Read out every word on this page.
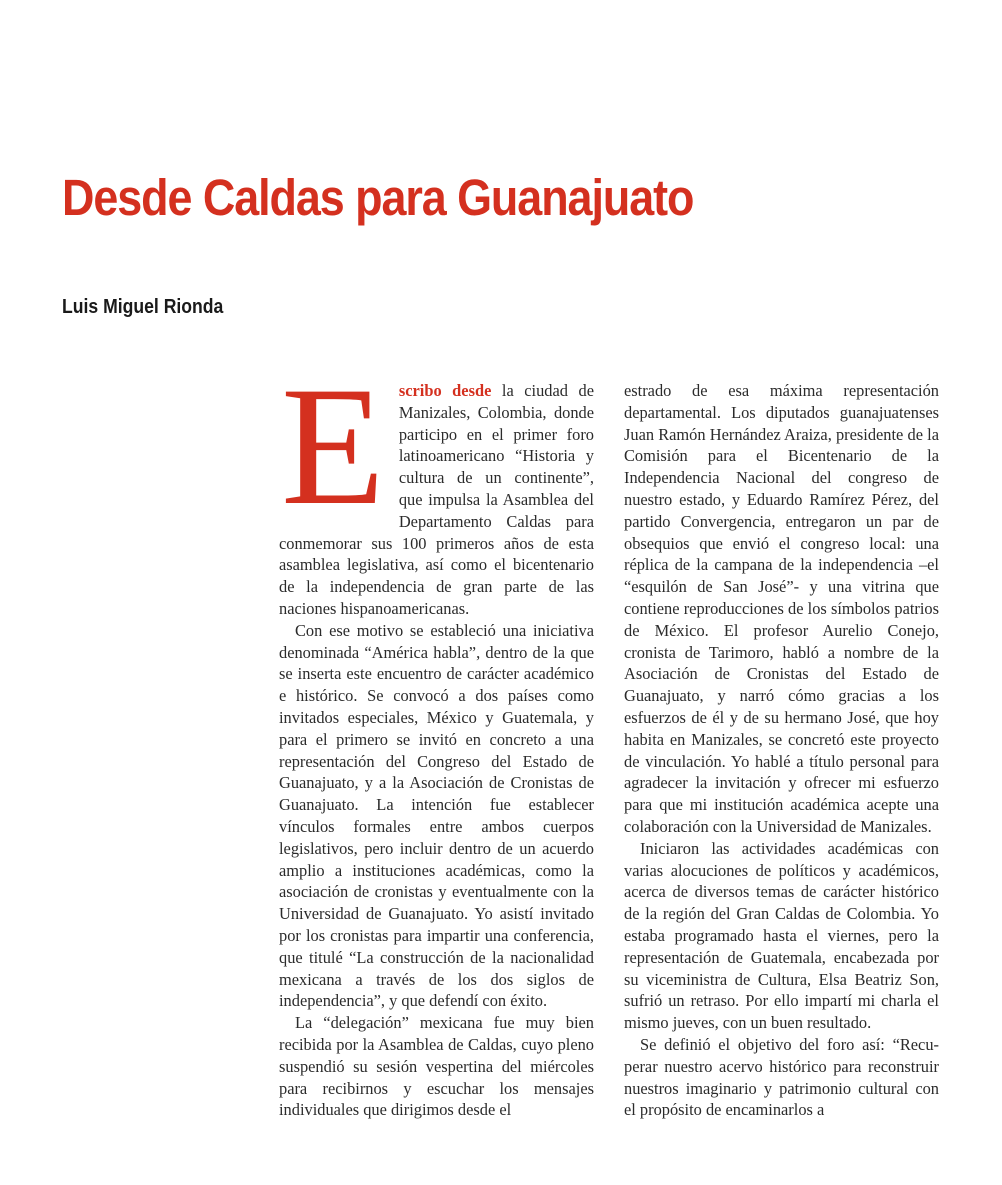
Desde Caldas para Guanajuato
Luis Miguel Rionda

Escribo desde la ciudad de Manizales, Colombia, donde participo en el primer foro latinoamericano “Historia y cultura de un continente”, que impulsa la Asamblea del Departamento Caldas para conmemorar sus 100 primeros años de esta asamblea legislativa, así como el bicentenario de la independencia de gran parte de las naciones hispanoamericanas.

Con ese motivo se estableció una iniciativa denominada “América habla”, dentro de la que se inserta este encuentro de carácter académico e histórico. Se convocó a dos países como invitados especiales, México y Guatemala, y para el primero se invitó en concreto a una representación del Congreso del Estado de Guanajuato, y a la Asociación de Cronistas de Guanajuato. La intención fue establecer vínculos formales entre ambos cuerpos legislativos, pero incluir dentro de un acuerdo amplio a instituciones académicas, como la asociación de cronistas y eventualmente con la Universidad de Guanajuato. Yo asistí invitado por los cronistas para impartir una conferencia, que titulé “La construcción de la nacionalidad mexicana a través de los dos siglos de independencia”, y que defendí con éxito.

La “delegación” mexicana fue muy bien recibida por la Asamblea de Caldas, cuyo pleno suspendió su sesión vespertina del miércoles para recibirnos y escuchar los mensajes individuales que dirigimos desde el

estrado de esa máxima representación departamental. Los diputados guanajuatenses Juan Ramón Hernández Araiza, presidente de la Comisión para el Bicentenario de la Independencia Nacional del congreso de nuestro estado, y Eduardo Ramírez Pérez, del partido Convergencia, entregaron un par de obsequios que envió el congreso local: una réplica de la campana de la independencia –el “esquilón de San José”- y una vitrina que contiene reproducciones de los símbolos patrios de México. El profesor Aurelio Conejo, cronista de Tarimoro, habló a nombre de la Asociación de Cronistas del Estado de Guanajuato, y narró cómo gracias a los esfuerzos de él y de su hermano José, que hoy habita en Manizales, se concretó este proyecto de vinculación. Yo hablé a título personal para agradecer la invitación y ofrecer mi esfuerzo para que mi institución académica acepte una colaboración con la Universidad de Manizales.

Iniciaron las actividades académicas con varias alocuciones de políticos y académicos, acerca de diversos temas de carácter histórico de la región del Gran Caldas de Colombia. Yo estaba programado hasta el viernes, pero la representación de Guatemala, encabezada por su viceministra de Cultura, Elsa Beatriz Son, sufrió un retraso. Por ello impartí mi charla el mismo jueves, con un buen resultado.

Se definió el objetivo del foro así: “Recuperar nuestro acervo histórico para reconstruir nuestros imaginario y patrimonio cultural con el propósito de encaminarlos a
